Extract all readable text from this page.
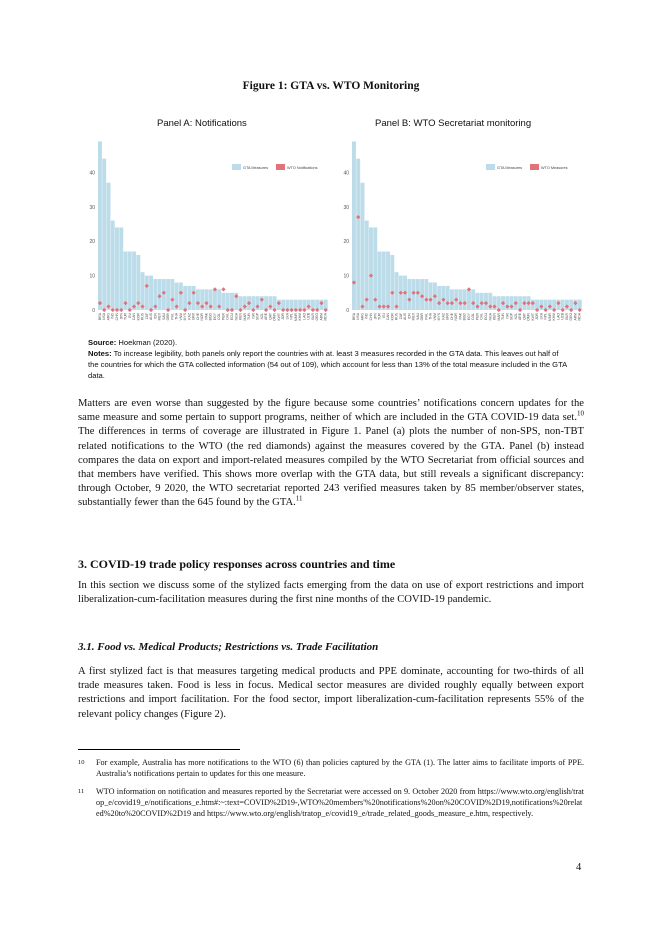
Figure 1: GTA vs. WTO Monitoring
Panel A: Notifications	Panel B: WTO Secretariat monitoring
0
10
20
30
40
BRA USA ARG IND CHN JPN TUR EU CAN KOR RUS ZAF AUS IDN MEX SAU GBR PHL THA VNM MYS KAZ UKR CHE NOR PAK BGD EGY COL PER CHL ECU NGA KEN MAR TUN ISR SGP NZL ARE QAT OMN KWT JOR LKA NPL MMR KHM LAO UZB BLR GEO ARM MDA
GTA Measures	WTO Notifications
0
10
20
30
40
BRA USA ARG IND CHN JPN TUR EU CAN KOR RUS ZAF AUS IDN MEX SAU GBR PHL THA VNM MYS KAZ UKR CHE NOR PAK BGD EGY COL PER CHL ECU NGA KEN MAR TUN ISR SGP NZL ARE QAT OMN KWT JOR LKA NPL MMR KHM LAO UZB BLR GEO ARM MDA
GTA Measures	WTO Measures
Source: Hoekman (2020).
Notes: To increase legibility, both panels only report the countries with at. least 3 measures recorded in the GTA data. This leaves out half of the countries for which the GTA collected information (54 out of 109), which account for less than 13% of the total measure included in the GTA data.

Matters are even worse than suggested by the figure because some countries’ notifications concern updates for the same measure and some pertain to support programs, neither of which are included in the GTA COVID-19 data set.$^{10}$ The differences in terms of coverage are illustrated in Figure 1. Panel (a) plots the number of non-SPS, non-TBT related notifications to the WTO (the red diamonds) against the measures covered by the GTA. Panel (b) instead compares the data on export and import-related measures compiled by the WTO Secretariat from official sources and that members have verified. This shows more overlap with the GTA data, but still reveals a significant discrepancy: through October, 9 2020, the WTO secretariat reported 243 verified measures taken by 85 member/observer states, substantially fewer than the 645 found by the GTA.$^{11}$

3. COVID-19 trade policy responses across countries and time

In this section we discuss some of the stylized facts emerging from the data on use of export restrictions and import liberalization-cum-facilitation measures during the first nine months of the COVID-19 pandemic.

3.1. Food vs. Medical Products; Restrictions vs. Trade Facilitation

A first stylized fact is that measures targeting medical products and PPE dominate, accounting for two-thirds of all trade measures taken. Food is less in focus. Medical sector measures are divided roughly equally between export restrictions and import facilitation. For the food sector, import liberalization-cum-facilitation represents 55% of the relevant policy changes (Figure 2).

10 For example, Australia has more notifications to the WTO (6) than policies captured by the GTA (1). The latter aims to facilitate imports of PPE. Australia’s notifications pertain to updates for this one measure.
11 WTO information on notification and measures reported by the Secretariat were accessed on 9. October 2020 from https://www.wto.org/english/tratop_e/covid19_e/notifications_e.htm#:~:text=COVID%2D19-,WTO%20members'%20notifications%20on%20COVID%2D19,notifications%20related%20to%20COVID%2D19 and https://www.wto.org/english/tratop_e/covid19_e/trade_related_goods_measure_e.htm, respectively.
4
